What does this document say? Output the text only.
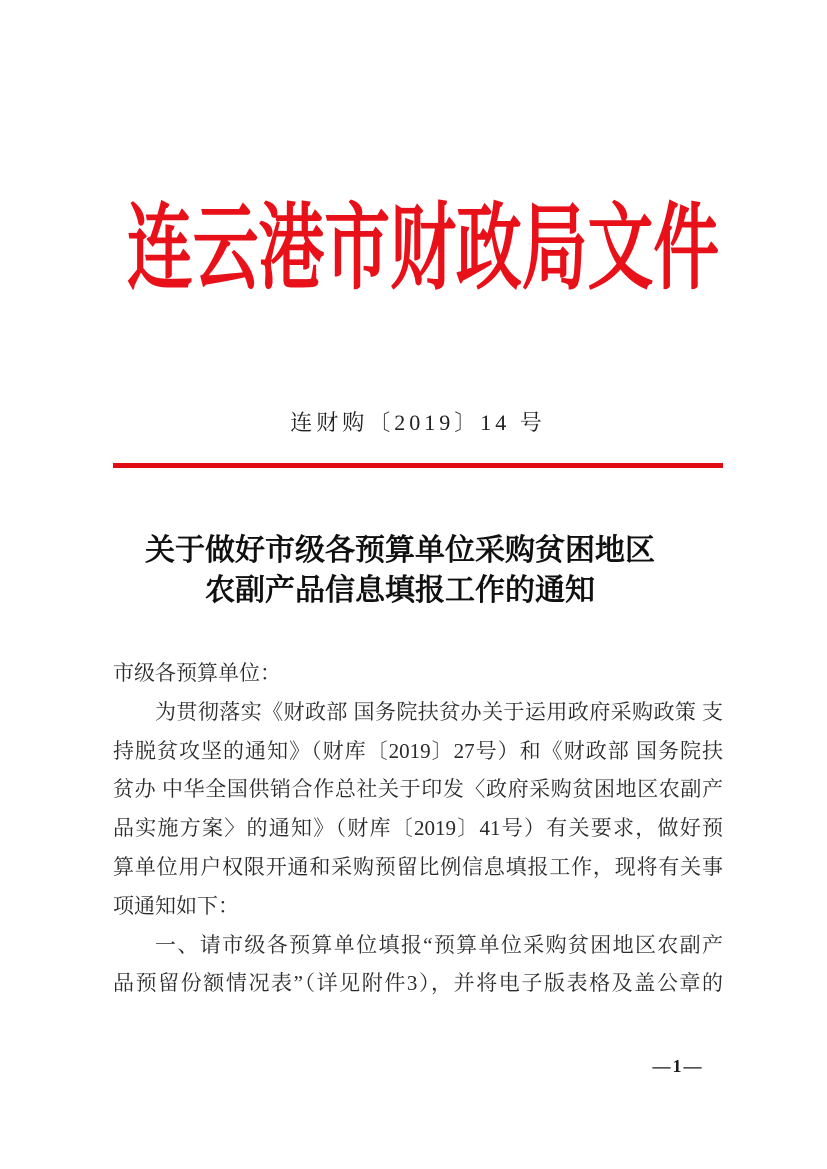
连云港市财政局文件
连财购〔2019〕14 号
关于做好市级各预算单位采购贫困地区
农副产品信息填报工作的通知
市级各预算单位：
为贯彻落实《财政部 国务院扶贫办关于运用政府采购政策 支
持脱贫攻坚的通知》（财库〔2019〕27号）和《财政部 国务院扶
贫办 中华全国供销合作总社关于印发〈政府采购贫困地区农副产
品实施方案〉的通知》（财库〔2019〕41号）有关要求，做好预
算单位用户权限开通和采购预留比例信息填报工作，现将有关事
项通知如下：
一、请市级各预算单位填报“预算单位采购贫困地区农副产
品预留份额情况表”（详见附件3），并将电子版表格及盖公章的
—1—
